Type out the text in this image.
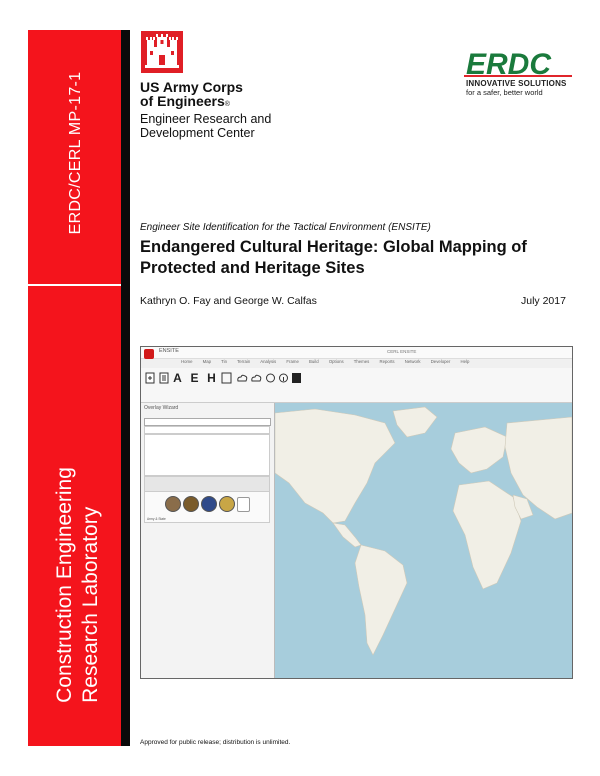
ERDC/CERL MP-17-1
Construction Engineering Research Laboratory
US Army Corps
of Engineers®
Engineer Research and
Development Center
ERDC
INNOVATIVE SOLUTIONS
for a safer, better world
Engineer Site Identification for the Tactical Environment (ENSITE)
Endangered Cultural Heritage: Global Mapping of Protected and Heritage Sites
Kathryn O. Fay and George W. Calfas	July 2017
ENSITE	CERL ENSITE
Home Map Tin Terrain Analysis Frame Build Options Themes Reports Network Developer Help
A E H
Overlay Wizard
Army & State
Approved for public release; distribution is unlimited.
